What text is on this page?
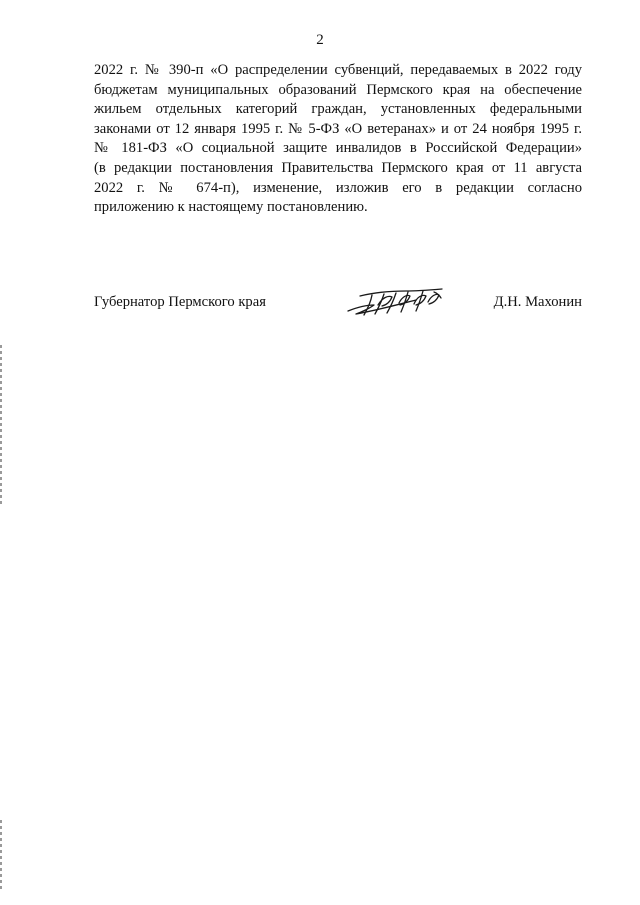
2
2022 г. № 390-п «О распределении субвенций, передаваемых в 2022 году
бюджетам муниципальных образований Пермского края на обеспечение
жильем отдельных категорий граждан, установленных федеральными
законами от 12 января 1995 г. № 5-ФЗ «О ветеранах» и от 24 ноября 1995 г.
№ 181-ФЗ «О социальной защите инвалидов в Российской Федерации»
(в редакции постановления Правительства Пермского края от 11 августа
2022 г. № 674-п), изменение, изложив его в редакции согласно
приложению к настоящему постановлению.
Губернатор Пермского края	Д.Н. Махонин
